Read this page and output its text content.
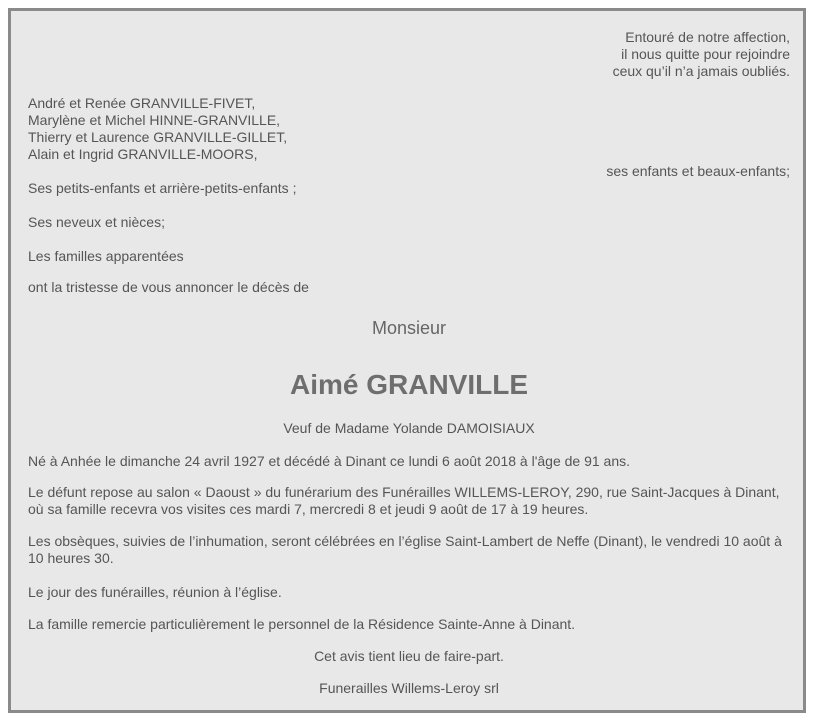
Entouré de notre affection,
il nous quitte pour rejoindre
ceux qu’il n’a jamais oubliés.
André et Renée GRANVILLE-FIVET,
Marylène et Michel HINNE-GRANVILLE,
Thierry et Laurence GRANVILLE-GILLET,
Alain et Ingrid GRANVILLE-MOORS,
ses enfants et beaux-enfants;
Ses petits-enfants et arrière-petits-enfants ;
Ses neveux et nièces;
Les familles apparentées
ont la tristesse de vous annoncer le décès de
Monsieur
Aimé GRANVILLE
Veuf de Madame Yolande DAMOISIAUX
Né à Anhée le dimanche 24 avril 1927 et décédé à Dinant ce lundi 6 août 2018 à l'âge de 91 ans.
Le défunt repose au salon « Daoust » du funérarium des Funérailles WILLEMS-LEROY, 290, rue Saint-Jacques à Dinant, où sa famille recevra vos visites ces mardi 7, mercredi 8 et jeudi 9 août de 17 à 19 heures.
Les obsèques, suivies de l’inhumation, seront célébrées en l’église Saint-Lambert de Neffe (Dinant), le vendredi 10 août à 10 heures 30.
Le jour des funérailles, réunion à l’église.
La famille remercie particulièrement le personnel de la Résidence Sainte-Anne à Dinant.
Cet avis tient lieu de faire-part.
Funerailles Willems-Leroy srl
